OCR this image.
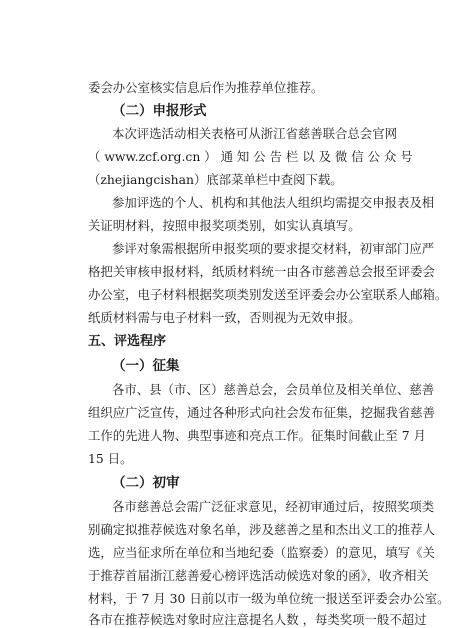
委会办公室核实信息后作为推荐单位推荐。
（二）申报形式
本次评选活动相关表格可从浙江省慈善联合总会官网
（ www.zcf.org.cn ） 通 知 公 告 栏 以 及 微 信 公 众 号
（zhejiangcishan）底部菜单栏中查阅下载。
参加评选的个人、机构和其他法人组织均需提交申报表及相
关证明材料，按照申报奖项类别，如实认真填写。
参评对象需根据所申报奖项的要求提交材料，初审部门应严
格把关审核申报材料，纸质材料统一由各市慈善总会报至评委会
办公室，电子材料根据奖项类别发送至评委会办公室联系人邮箱。
纸质材料需与电子材料一致，否则视为无效申报。
五、评选程序
（一）征集
各市、县（市、区）慈善总会，会员单位及相关单位、慈善
组织应广泛宣传，通过各种形式向社会发布征集，挖掘我省慈善
工作的先进人物、典型事迹和亮点工作。征集时间截止至 7 月
15 日。
（二）初审
各市慈善总会需广泛征求意见，经初审通过后，按照奖项类
别确定拟推荐候选对象名单，涉及慈善之星和杰出义工的推荐人
选，应当征求所在单位和当地纪委（监察委）的意见，填写《关
于推荐首届浙江慈善爱心榜评选活动候选对象的函》，收齐相关
材料，于 7 月 30 日前以市一级为单位统一报送至评委会办公室。
各市在推荐候选对象时应注意提名人数 ，每类奖项一般不超过
